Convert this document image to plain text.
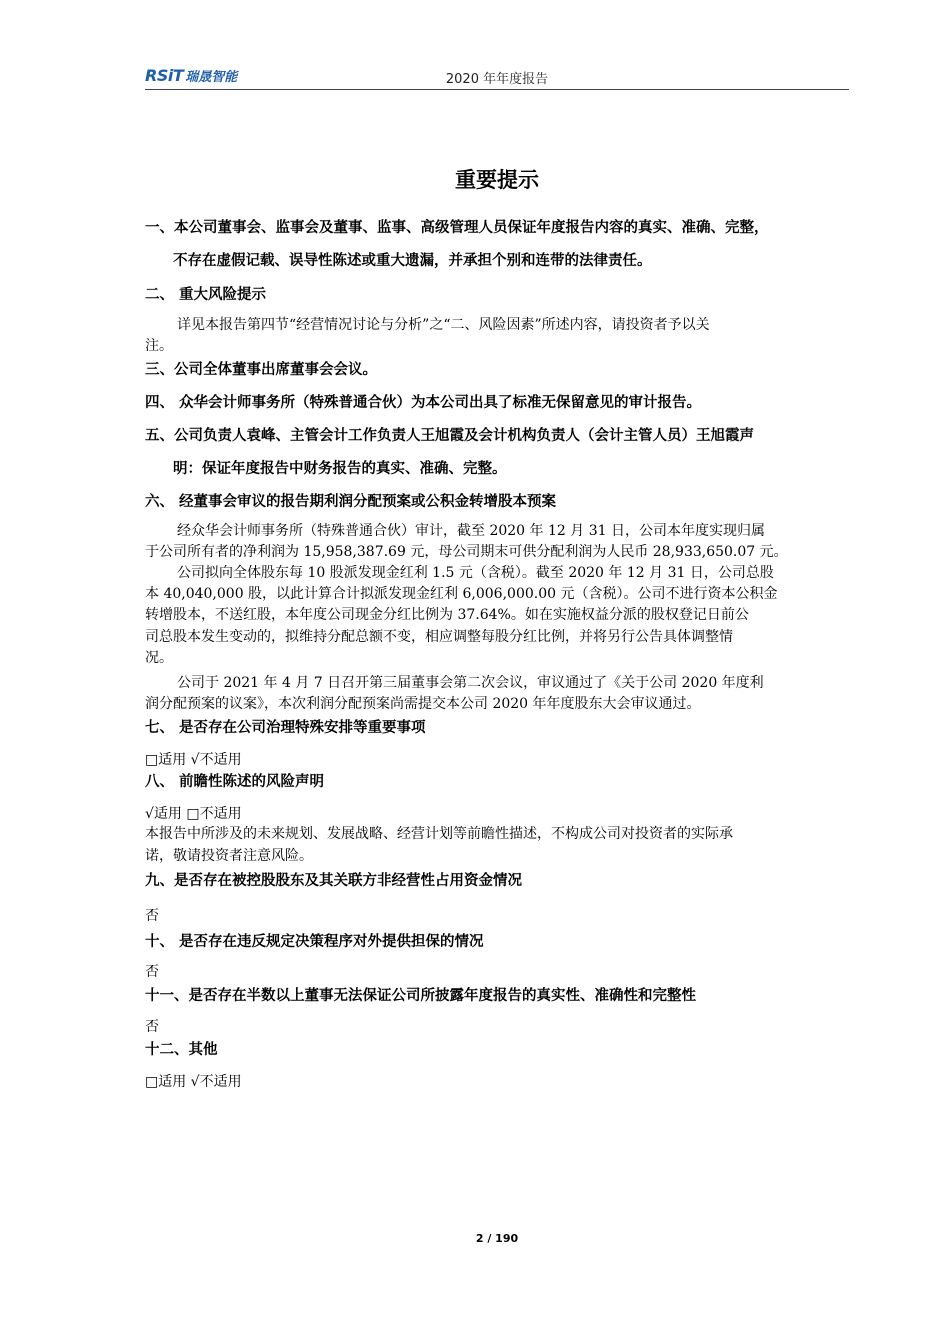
RSiT 瑞晟智能	2020 年年度报告
重要提示
一、本公司董事会、监事会及董事、监事、高级管理人员保证年度报告内容的真实、准确、完整，
不存在虚假记载、误导性陈述或重大遗漏，并承担个别和连带的法律责任。
二、 重大风险提示
详见本报告第四节“经营情况讨论与分析”之“二、风险因素”所述内容，请投资者予以关
注。
三、公司全体董事出席董事会会议。
四、 众华会计师事务所（特殊普通合伙）为本公司出具了标准无保留意见的审计报告。
五、公司负责人袁峰、主管会计工作负责人王旭霞及会计机构负责人（会计主管人员）王旭霞声
明：保证年度报告中财务报告的真实、准确、完整。
六、 经董事会审议的报告期利润分配预案或公积金转增股本预案
经众华会计师事务所（特殊普通合伙）审计，截至 2020 年 12 月 31 日，公司本年度实现归属
于公司所有者的净利润为 15,958,387.69 元，母公司期末可供分配利润为人民币 28,933,650.07 元。
公司拟向全体股东每 10 股派发现金红利 1.5 元（含税）。截至 2020 年 12 月 31 日，公司总股
本 40,040,000 股，以此计算合计拟派发现金红利 6,006,000.00 元（含税）。公司不进行资本公积金
转增股本，不送红股，本年度公司现金分红比例为 37.64%。如在实施权益分派的股权登记日前公
司总股本发生变动的，拟维持分配总额不变，相应调整每股分红比例，并将另行公告具体调整情
况。
公司于 2021 年 4 月 7 日召开第三届董事会第二次会议，审议通过了《关于公司 2020 年度利
润分配预案的议案》，本次利润分配预案尚需提交本公司 2020 年年度股东大会审议通过。
七、 是否存在公司治理特殊安排等重要事项
□适用 √不适用
八、 前瞻性陈述的风险声明
√适用 □不适用
本报告中所涉及的未来规划、发展战略、经营计划等前瞻性描述，不构成公司对投资者的实际承
诺，敬请投资者注意风险。
九、是否存在被控股股东及其关联方非经营性占用资金情况
否
十、 是否存在违反规定决策程序对外提供担保的情况
否
十一、是否存在半数以上董事无法保证公司所披露年度报告的真实性、准确性和完整性
否
十二、其他
□适用 √不适用
2 / 190
